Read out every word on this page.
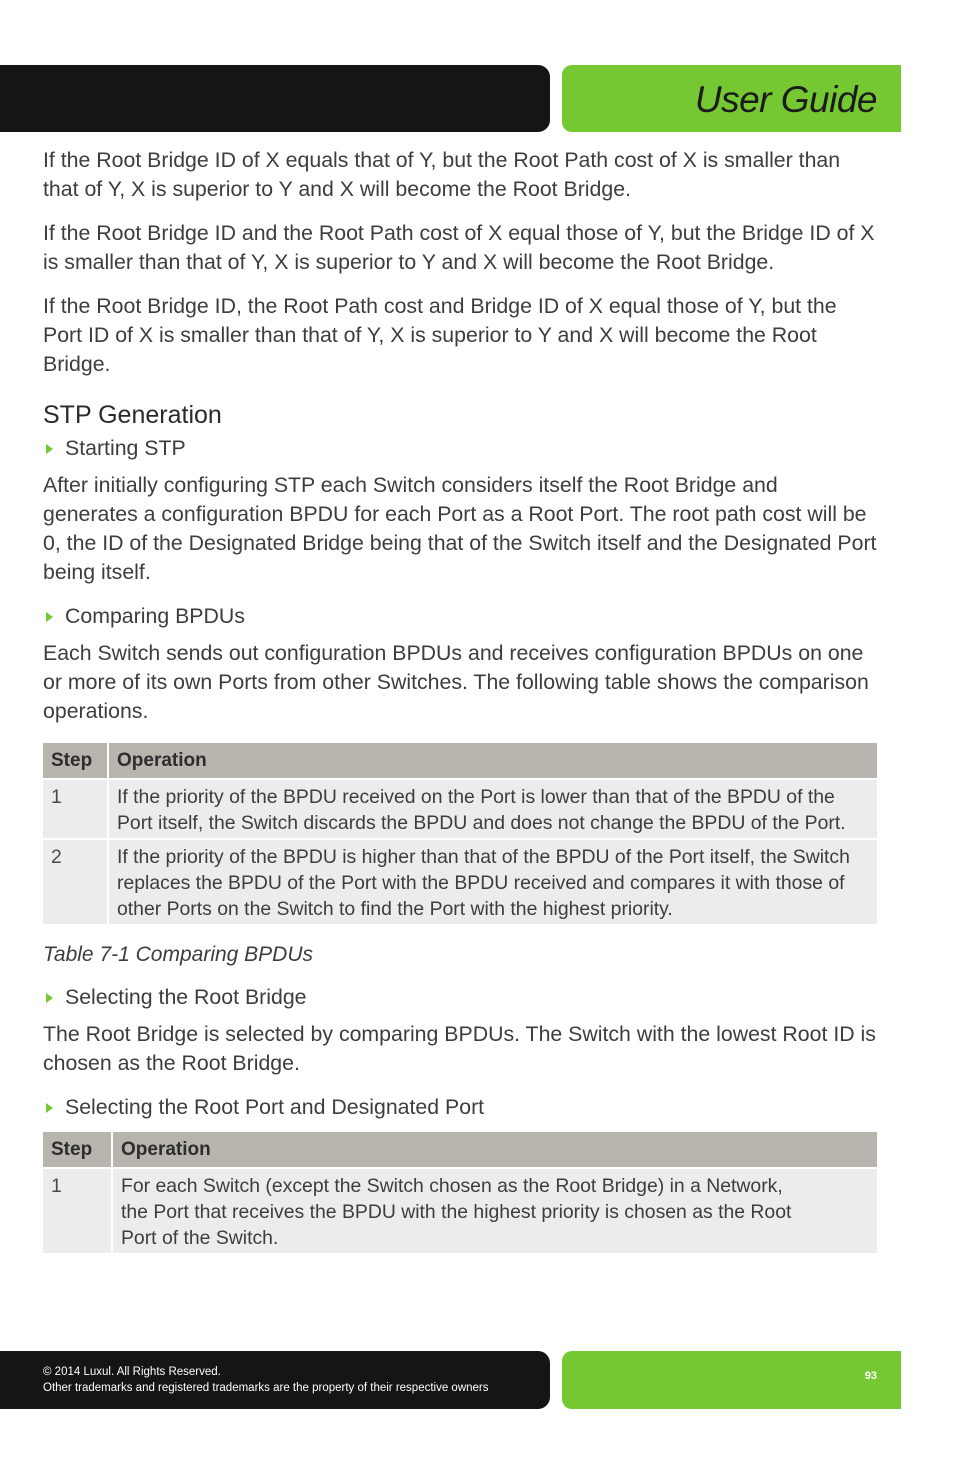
User Guide

If the Root Bridge ID of X equals that of Y, but the Root Path cost of X is smaller than that of Y, X is superior to Y and X will become the Root Bridge.

If the Root Bridge ID and the Root Path cost of X equal those of Y, but the Bridge ID of X is smaller than that of Y, X is superior to Y and X will become the Root Bridge.

If the Root Bridge ID, the Root Path cost and Bridge ID of X equal those of Y, but the Port ID of X is smaller than that of Y, X is superior to Y and X will become the Root Bridge.

STP Generation
Starting STP

After initially configuring STP each Switch considers itself the Root Bridge and generates a configuration BPDU for each Port as a Root Port. The root path cost will be 0, the ID of the Designated Bridge being that of the Switch itself and the Designated Port being itself.

Comparing BPDUs

Each Switch sends out configuration BPDUs and receives configuration BPDUs on one or more of its own Ports from other Switches. The following table shows the comparison operations.

Step	Operation
1	If the priority of the BPDU received on the Port is lower than that of the BPDU of the Port itself, the Switch discards the BPDU and does not change the BPDU of the Port.
2	If the priority of the BPDU is higher than that of the BPDU of the Port itself, the Switch replaces the BPDU of the Port with the BPDU received and compares it with those of other Ports on the Switch to find the Port with the highest priority.
Table 7-1 Comparing BPDUs
Selecting the Root Bridge

The Root Bridge is selected by comparing BPDUs. The Switch with the lowest Root ID is chosen as the Root Bridge.

Selecting the Root Port and Designated Port
Step	Operation
1	For each Switch (except the Switch chosen as the Root Bridge) in a Network, the Port that receives the BPDU with the highest priority is chosen as the Root Port of the Switch.
© 2014 Luxul. All Rights Reserved.
Other trademarks and registered trademarks are the property of their respective owners
93
